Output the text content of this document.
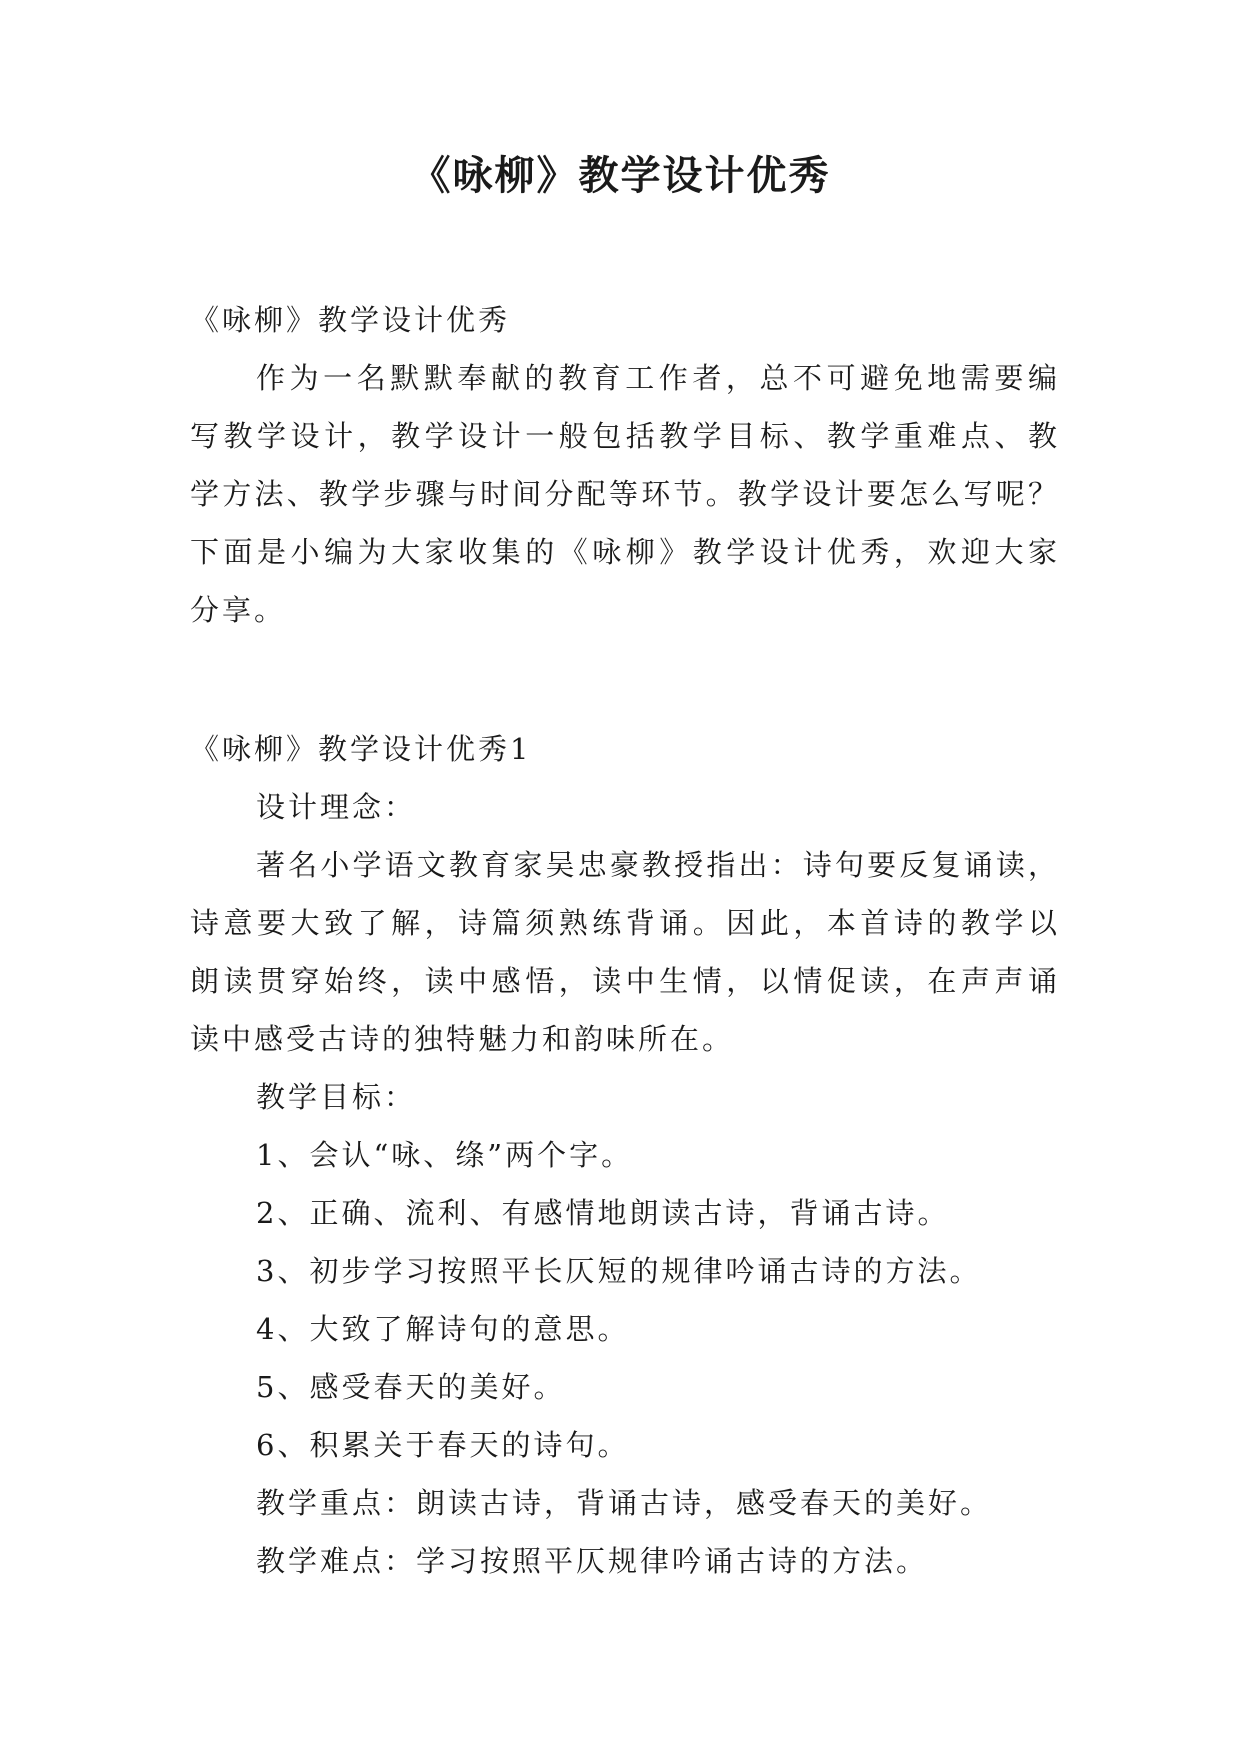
《咏柳》教学设计优秀
《咏柳》教学设计优秀
作为一名默默奉献的教育工作者，总不可避免地需要编
写教学设计，教学设计一般包括教学目标、教学重难点、教
学方法、教学步骤与时间分配等环节。教学设计要怎么写呢？
下面是小编为大家收集的《咏柳》教学设计优秀，欢迎大家
分享。
《咏柳》教学设计优秀1
设计理念：
著名小学语文教育家吴忠豪教授指出：诗句要反复诵读，
诗意要大致了解，诗篇须熟练背诵。因此，本首诗的教学以
朗读贯穿始终，读中感悟，读中生情，以情促读，在声声诵
读中感受古诗的独特魅力和韵味所在。
教学目标：
1、会认“咏、绦”两个字。
2、正确、流利、有感情地朗读古诗，背诵古诗。
3、初步学习按照平长仄短的规律吟诵古诗的方法。
4、大致了解诗句的意思。
5、感受春天的美好。
6、积累关于春天的诗句。
教学重点：朗读古诗，背诵古诗，感受春天的美好。
教学难点：学习按照平仄规律吟诵古诗的方法。
